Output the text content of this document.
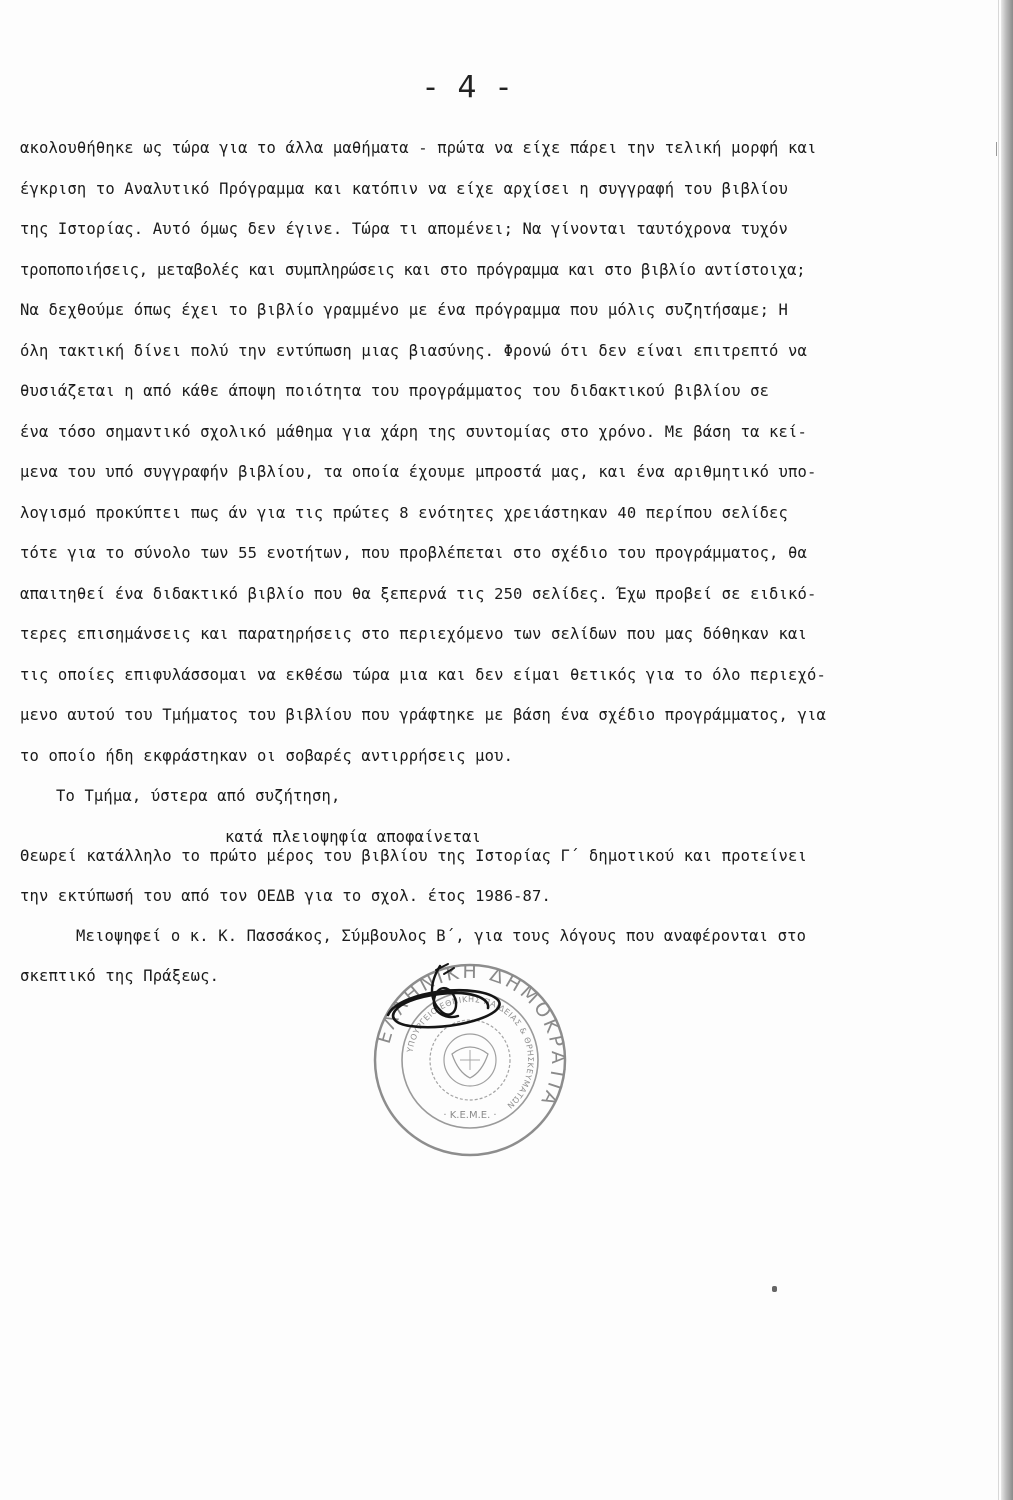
- 4 -
ακολουθήθηκε ως τώρα για το άλλα μαθήματα - πρώτα να είχε πάρει την τελική μορφή και
έγκριση το Αναλυτικό Πρόγραμμα και κατόπιν να είχε αρχίσει η συγγραφή του βιβλίου
της Ιστορίας. Αυτό όμως δεν έγινε. Τώρα τι απομένει; Να γίνονται ταυτόχρονα τυχόν
τροποποιήσεις, μεταβολές και συμπληρώσεις και στο πρόγραμμα και στο βιβλίο αντίστοιχα;
Να δεχθούμε όπως έχει το βιβλίο γραμμένο με ένα πρόγραμμα που μόλις συζητήσαμε; Η
όλη τακτική δίνει πολύ την εντύπωση μιας βιασύνης. Φρονώ ότι δεν είναι επιτρεπτό να
θυσιάζεται η από κάθε άποψη ποιότητα του προγράμματος του διδακτικού βιβλίου σε
ένα τόσο σημαντικό σχολικό μάθημα για χάρη της συντομίας στο χρόνο. Με βάση τα κεί-
μενα του υπό συγγραφήν βιβλίου, τα οποία έχουμε μπροστά μας, και ένα αριθμητικό υπο-
λογισμό προκύπτει πως άν για τις πρώτες 8 ενότητες χρειάστηκαν 40 περίπου σελίδες
τότε για το σύνολο των 55 ενοτήτων, που προβλέπεται στο σχέδιο του προγράμματος, θα
απαιτηθεί ένα διδακτικό βιβλίο που θα ξεπερνά τις 250 σελίδες. Έχω προβεί σε ειδικό-
τερες επισημάνσεις και παρατηρήσεις στο περιεχόμενο των σελίδων που μας δόθηκαν και
τις οποίες επιφυλάσσομαι να εκθέσω τώρα μια και δεν είμαι θετικός για το όλο περιεχό-
μενο αυτού του Τμήματος του βιβλίου που γράφτηκε με βάση ένα σχέδιο προγράμματος, για
το οποίο ήδη εκφράστηκαν οι σοβαρές αντιρρήσεις μου.
Το Τμήμα, ύστερα από συζήτηση,
κατά πλειοψηφία αποφαίνεται
Θεωρεί κατάλληλο το πρώτο μέρος του βιβλίου της Ιστορίας Γ΄ δημοτικού και προτείνει
την εκτύπωσή του από τον ΟΕΔΒ για το σχολ. έτος 1986-87.
Μειοψηφεί ο κ. Κ. Πασσάκος, Σύμβουλος Β΄, για τους λόγους που αναφέρονται στο
σκεπτικό της Πράξεως.
ΕΛΛΗΝΙΚΗ ΔΗΜΟΚΡΑΤΙΑ
ΥΠΟΥΡΓΕΙΟ ΕΘΝΙΚΗΣ ΠΑΙΔΕΙΑΣ & ΘΡΗΣΚΕΥΜΑΤΩΝ
· Κ.Ε.Μ.Ε. ·
